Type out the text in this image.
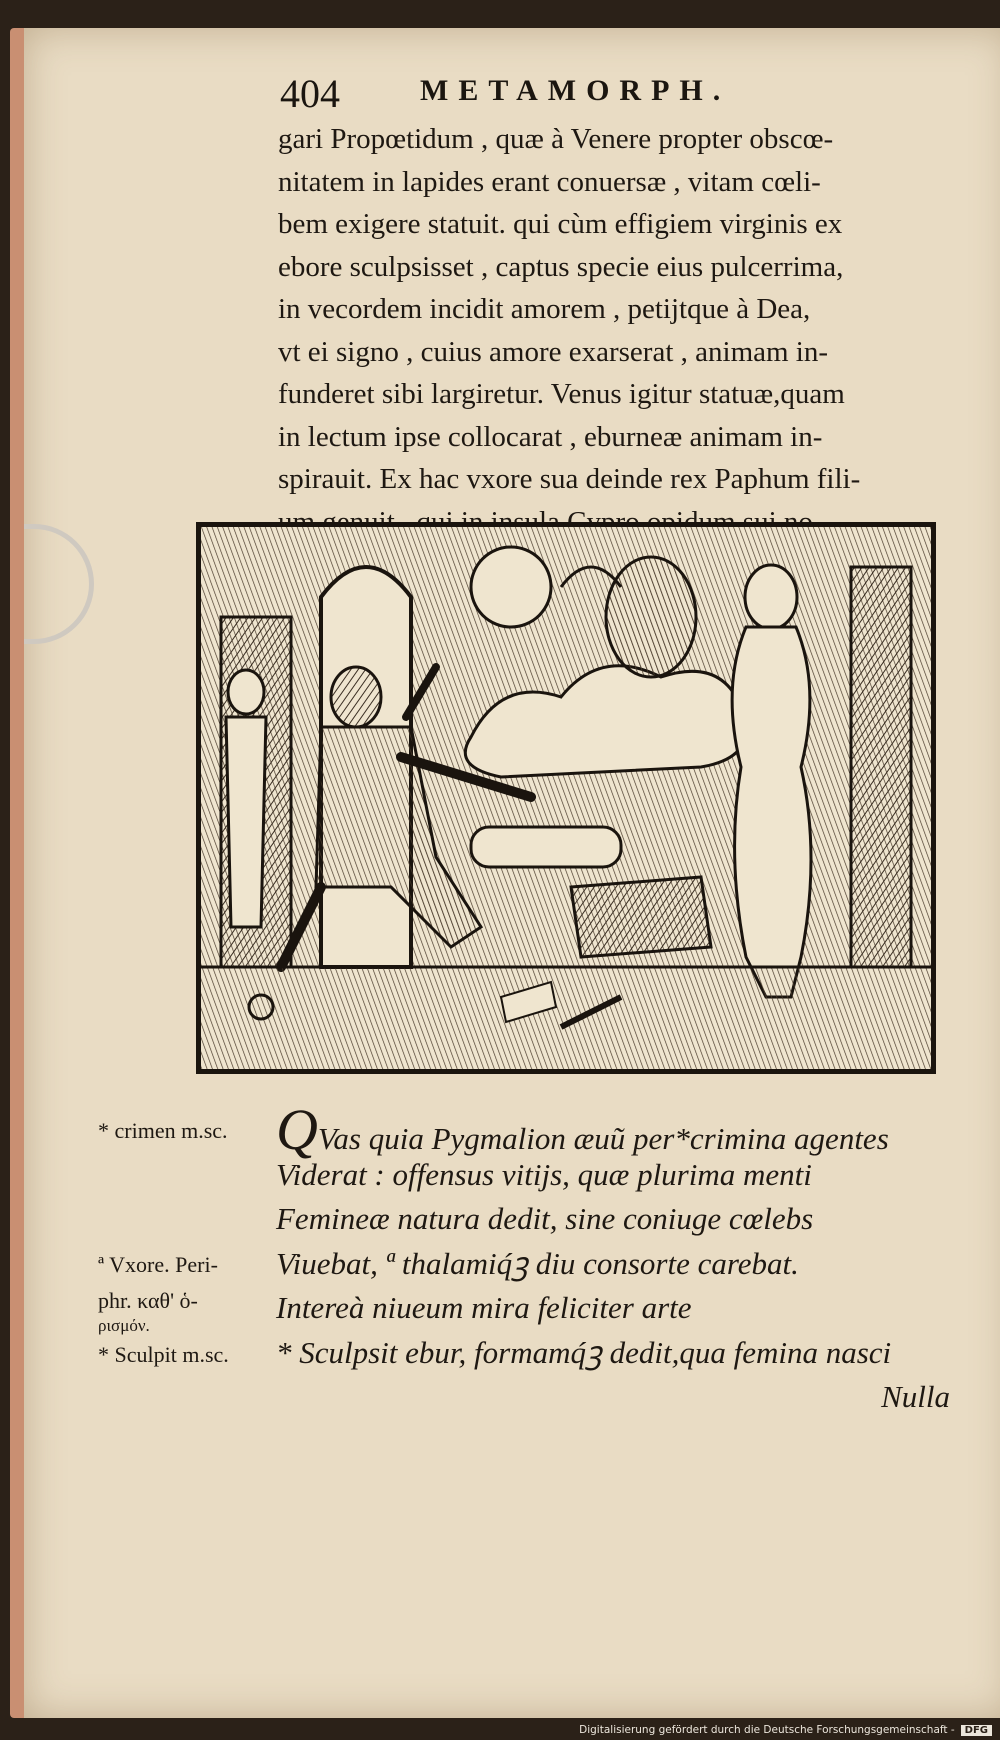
404	METAMORPH.
gari Propœtidum , quæ à Venere propter obscœ-
nitatem in lapides erant conuersæ , vitam cœli-
bem exigere statuit. qui cùm effigiem virginis ex
ebore sculpsisset , captus specie eius pulcerrima,
in vecordem incidit amorem , petijtque à Dea,
vt ei signo , cuius amore exarserat , animam in-
funderet sibi largiretur. Venus igitur statuæ,quam
in lectum ipse collocarat , eburneæ animam in-
spirauit. Ex hac vxore sua deinde rex Paphum fili-
* crimen m.sc.
ª Vxore. Peri-
phr. καθ' ὁ-
ρισμόν.
* Sculpit m.sc.
QVas quia Pygmalion æuũ per*crimina agentes
Viderat : offensus vitijs, quæ plurima menti
Femineæ natura dedit, sine coniuge cœlebs
Viuebat, ª thalamiq́ꝫ diu consorte carebat.
Intereà niueum mira feliciter arte
* Sculpsit ebur, formamq́ꝫ dedit,qua femina nasci
Nulla
Digitalisierung gefördert durch die Deutsche Forschungsgemeinschaft -	DFG
